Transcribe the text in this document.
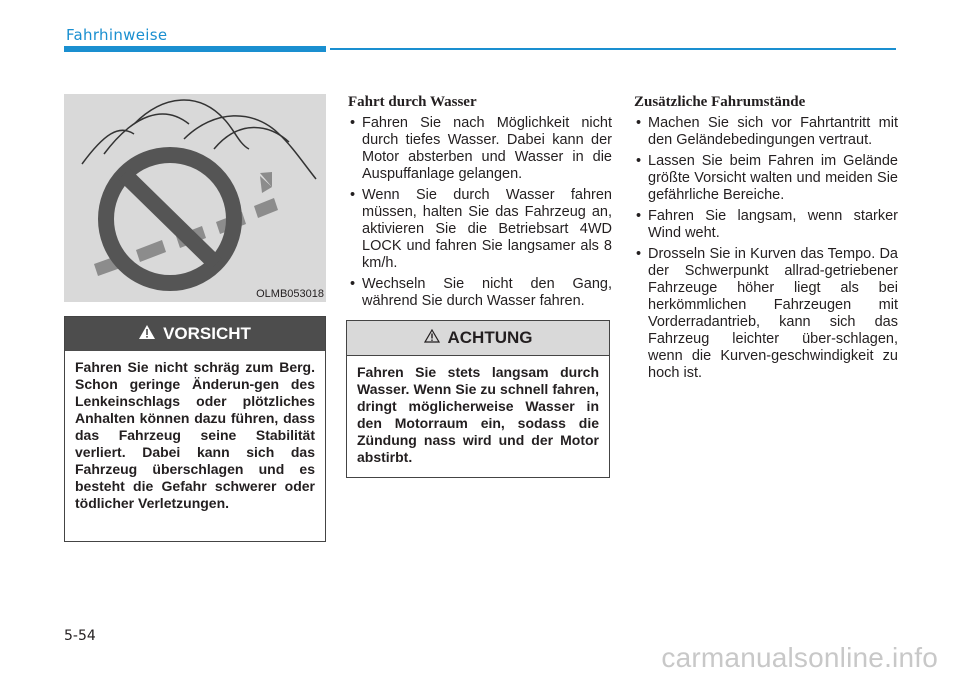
Fahrhinweise
OLMB053018
VORSICHT
Fahren Sie nicht schräg zum Berg. Schon geringe Änderun-gen des Lenkeinschlags oder plötzliches Anhalten können dazu führen, dass das Fahrzeug seine Stabilität verliert. Dabei kann sich das Fahrzeug überschlagen und es besteht die Gefahr schwerer oder tödlicher Verletzungen.
Fahrt durch Wasser
• Fahren Sie nach Möglichkeit nicht durch tiefes Wasser. Dabei kann der Motor absterben und Wasser in die Auspuffanlage gelangen.
• Wenn Sie durch Wasser fahren müssen, halten Sie das Fahrzeug an, aktivieren Sie die Betriebsart 4WD LOCK und fahren Sie langsamer als 8 km/h.
• Wechseln Sie nicht den Gang, während Sie durch Wasser fahren.
ACHTUNG
Fahren Sie stets langsam durch Wasser. Wenn Sie zu schnell fahren, dringt möglicherweise Wasser in den Motorraum ein, sodass die Zündung nass wird und der Motor abstirbt.
Zusätzliche Fahrumstände
• Machen Sie sich vor Fahrtantritt mit den Geländebedingungen vertraut.
• Lassen Sie beim Fahren im Gelände größte Vorsicht walten und meiden Sie gefährliche Bereiche.
• Fahren Sie langsam, wenn starker Wind weht.
• Drosseln Sie in Kurven das Tempo. Da der Schwerpunkt allrad-getriebener Fahrzeuge höher liegt als bei herkömmlichen Fahrzeugen mit Vorderradantrieb, kann sich das Fahrzeug leichter über-schlagen, wenn die Kurven-geschwindigkeit zu hoch ist.
5-54
carmanualsonline.info
